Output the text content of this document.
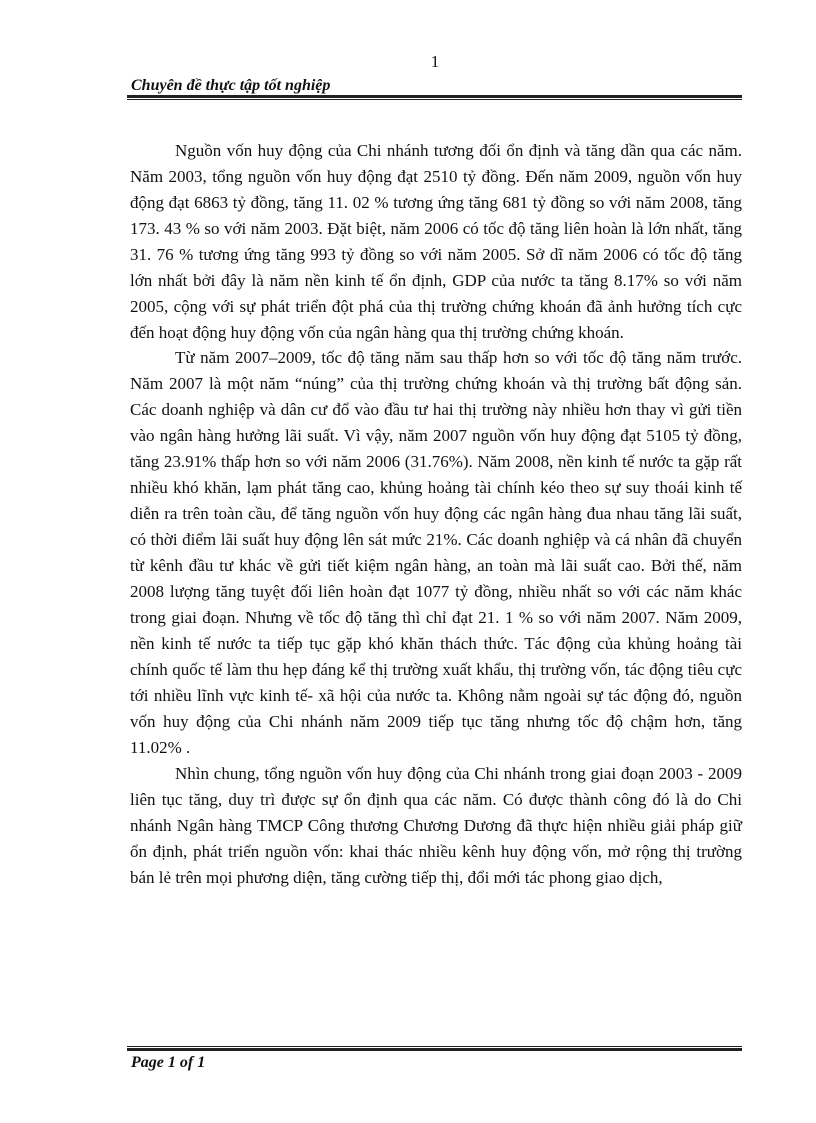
1
Chuyên đề thực tập tốt nghiệp

Nguồn vốn huy động của Chi nhánh tương đối ổn định và tăng dần qua các năm. Năm 2003, tổng nguồn vốn huy động đạt 2510 tỷ đồng. Đến năm 2009, nguồn vốn huy động đạt 6863 tỷ đồng, tăng 11. 02 % tương ứng tăng 681 tỷ đồng so với năm 2008, tăng 173. 43 % so với năm 2003. Đặt biệt, năm 2006 có tốc độ tăng liên hoàn là lớn nhất, tăng 31. 76 % tương ứng tăng 993 tỷ đồng so với năm 2005. Sở dĩ năm 2006 có tốc độ tăng lớn nhất bởi đây là năm nền kinh tế ổn định, GDP của nước ta tăng 8.17% so với năm 2005, cộng với sự phát triển đột phá của thị trường chứng khoán đã ảnh hưởng tích cực đến hoạt động huy động vốn của ngân hàng qua thị trường chứng khoán.

Từ năm 2007–2009, tốc độ tăng năm sau thấp hơn so với tốc độ tăng năm trước. Năm 2007 là một năm “núng” của thị trường chứng khoán và thị trường bất động sản. Các doanh nghiệp và dân cư đổ vào đầu tư hai thị trường này nhiều hơn thay vì gửi tiền vào ngân hàng hưởng lãi suất. Vì vậy, năm 2007 nguồn vốn huy động đạt 5105 tỷ đồng, tăng 23.91% thấp hơn so với năm 2006 (31.76%). Năm 2008, nền kinh tế nước ta gặp rất nhiều khó khăn, lạm phát tăng cao, khủng hoảng tài chính kéo theo sự suy thoái kinh tế diễn ra trên toàn cầu, để tăng nguồn vốn huy động các ngân hàng đua nhau tăng lãi suất, có thời điểm lãi suất huy động lên sát mức 21%. Các doanh nghiệp và cá nhân đã chuyển từ kênh đầu tư khác về gửi tiết kiệm ngân hàng, an toàn mà lãi suất cao. Bởi thế, năm 2008 lượng tăng tuyệt đối liên hoàn đạt 1077 tỷ đồng, nhiều nhất so với các năm khác trong giai đoạn. Nhưng về tốc độ tăng thì chỉ đạt 21. 1 % so với năm 2007. Năm 2009, nền kinh tế nước ta tiếp tục gặp khó khăn thách thức. Tác động của khủng hoảng tài chính quốc tế làm thu hẹp đáng kể thị trường xuất khẩu, thị trường vốn, tác động tiêu cực tới nhiều lĩnh vực kinh tế- xã hội của nước ta. Không nằm ngoài sự tác động đó, nguồn vốn huy động của Chi nhánh năm 2009 tiếp tục tăng nhưng tốc độ chậm hơn, tăng 11.02% .

Nhìn chung, tổng nguồn vốn huy động của Chi nhánh trong giai đoạn 2003 - 2009 liên tục tăng, duy trì được sự ổn định qua các năm. Có được thành công đó là do Chi nhánh Ngân hàng TMCP Công thương Chương Dương đã thực hiện nhiều giải pháp giữ ổn định, phát triển nguồn vốn: khai thác nhiều kênh huy động vốn, mở rộng thị trường bán lẻ trên mọi phương diện, tăng cường tiếp thị, đổi mới tác phong giao dịch,

Page 1 of 1
